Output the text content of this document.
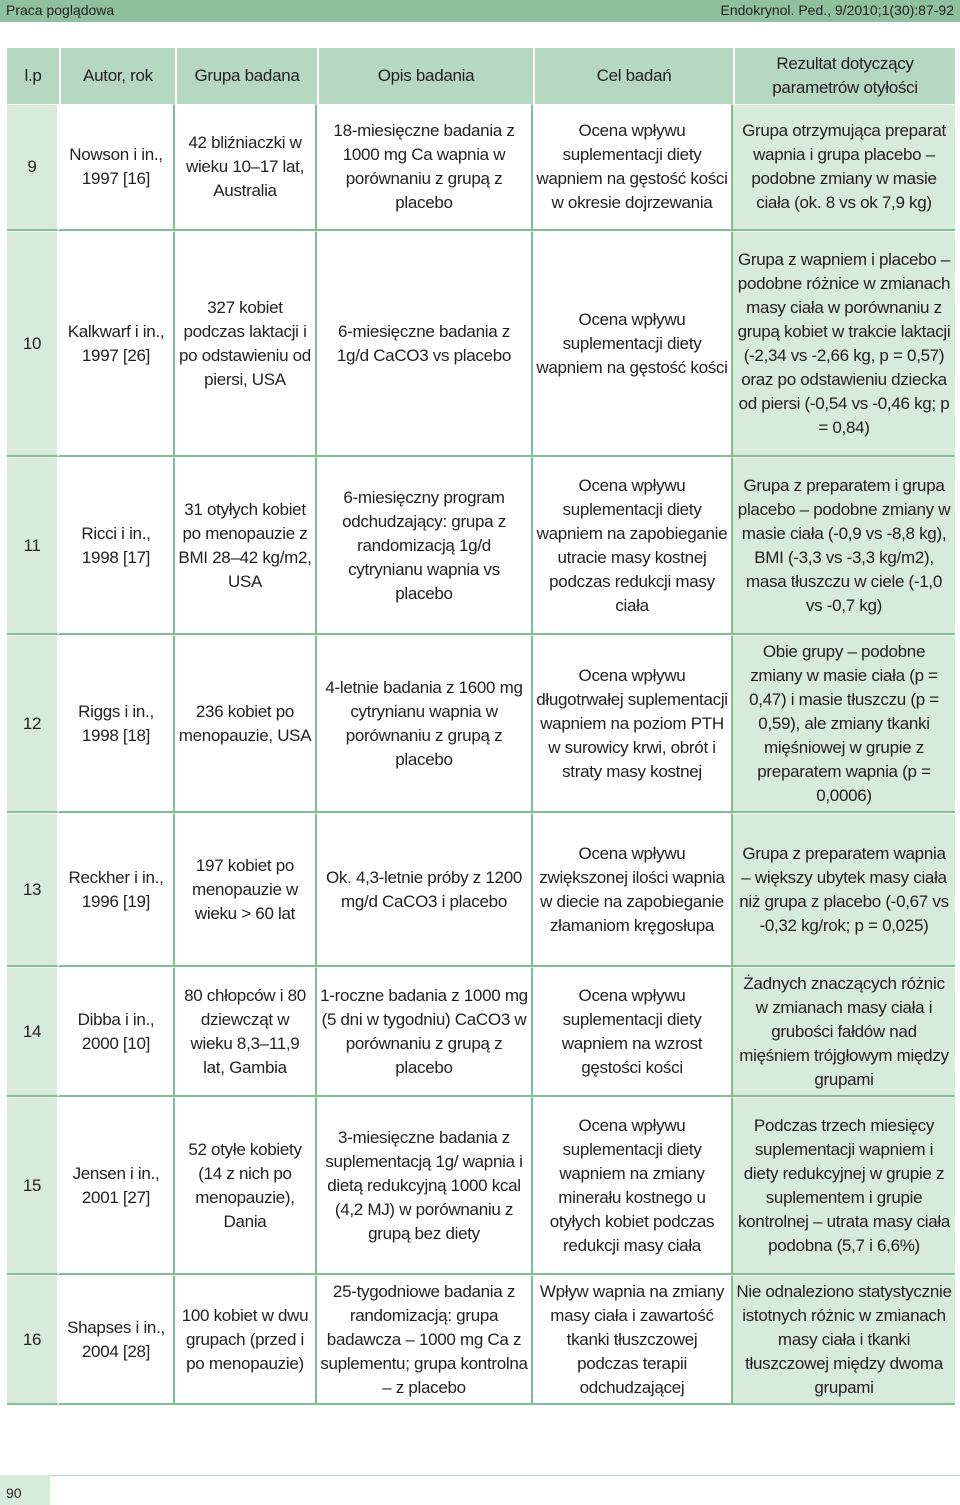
Praca poglądowa	Endokrynol. Ped., 9/2010;1(30):87-92
l.p	Autor, rok	Grupa badana	Opis badania	Cel badań	Rezultat dotyczący parametrów otyłości
9	Nowson i in., 1997 [16]	42 bliźniaczki w wieku 10–17 lat, Australia	18-miesięczne badania z 1000 mg Ca wapnia w porównaniu z grupą z placebo	Ocena wpływu suplementacji diety wapniem na gęstość kości w okresie dojrzewania	Grupa otrzymująca preparat wapnia i grupa placebo – podobne zmiany w masie ciała (ok. 8 vs ok 7,9 kg)
10	Kalkwarf i in., 1997 [26]	327 kobiet podczas laktacji i po odstawieniu od piersi, USA	6-miesięczne badania z 1g/d CaCO3 vs placebo	Ocena wpływu suplementacji diety wapniem na gęstość kości	Grupa z wapniem i placebo – podobne różnice w zmianach masy ciała w porównaniu z grupą kobiet w trakcie laktacji (-2,34 vs -2,66 kg, p = 0,57) oraz po odstawieniu dziecka od piersi (-0,54 vs -0,46 kg; p = 0,84)
11	Ricci i in., 1998 [17]	31 otyłych kobiet po menopauzie z BMI 28–42 kg/m2, USA	6-miesięczny program odchudzający: grupa z randomizacją 1g/d cytrynianu wapnia vs placebo	Ocena wpływu suplementacji diety wapniem na zapobieganie utracie masy kostnej podczas redukcji masy ciała	Grupa z preparatem i grupa placebo – podobne zmiany w masie ciała (-0,9 vs -8,8 kg), BMI (-3,3 vs -3,3 kg/m2), masa tłuszczu w ciele (-1,0 vs -0,7 kg)
12	Riggs i in., 1998 [18]	236 kobiet po menopauzie, USA	4-letnie badania z 1600 mg cytrynianu wapnia w porównaniu z grupą z placebo	Ocena wpływu długotrwałej suplementacji wapniem na poziom PTH w surowicy krwi, obrót i straty masy kostnej	Obie grupy – podobne zmiany w masie ciała (p = 0,47) i masie tłuszczu (p = 0,59), ale zmiany tkanki mięśniowej w grupie z preparatem wapnia (p = 0,0006)
13	Reckher i in., 1996 [19]	197 kobiet po menopauzie w wieku > 60 lat	Ok. 4,3-letnie próby z 1200 mg/d CaCO3 i placebo	Ocena wpływu zwiększonej ilości wapnia w diecie na zapobieganie złamaniom kręgosłupa	Grupa z preparatem wapnia – większy ubytek masy ciała niż grupa z placebo (-0,67 vs -0,32 kg/rok; p = 0,025)
14	Dibba i in., 2000 [10]	80 chłopców i 80 dziewcząt w wieku 8,3–11,9 lat, Gambia	1-roczne badania z 1000 mg (5 dni w tygodniu) CaCO3 w porównaniu z grupą z placebo	Ocena wpływu suplementacji diety wapniem na wzrost gęstości kości	Żadnych znaczących różnic w zmianach masy ciała i grubości fałdów nad mięśniem trójgłowym między grupami
15	Jensen i in., 2001 [27]	52 otyłe kobiety (14 z nich po menopauzie), Dania	3-miesięczne badania z suplementacją 1g/ wapnia i dietą redukcyjną 1000 kcal (4,2 MJ) w porównaniu z grupą bez diety	Ocena wpływu suplementacji diety wapniem na zmiany minerału kostnego u otyłych kobiet podczas redukcji masy ciała	Podczas trzech miesięcy suplementacji wapniem i diety redukcyjnej w grupie z suplementem i grupie kontrolnej – utrata masy ciała podobna (5,7 i 6,6%)
16	Shapses i in., 2004 [28]	100 kobiet w dwu grupach (przed i po menopauzie)	25-tygodniowe badania z randomizacją: grupa badawcza – 1000 mg Ca z suplementu; grupa kontrolna – z placebo	Wpływ wapnia na zmiany masy ciała i zawartość tkanki tłuszczowej podczas terapii odchudzającej	Nie odnaleziono statystycznie istotnych różnic w zmianach masy ciała i tkanki tłuszczowej między dwoma grupami
90
